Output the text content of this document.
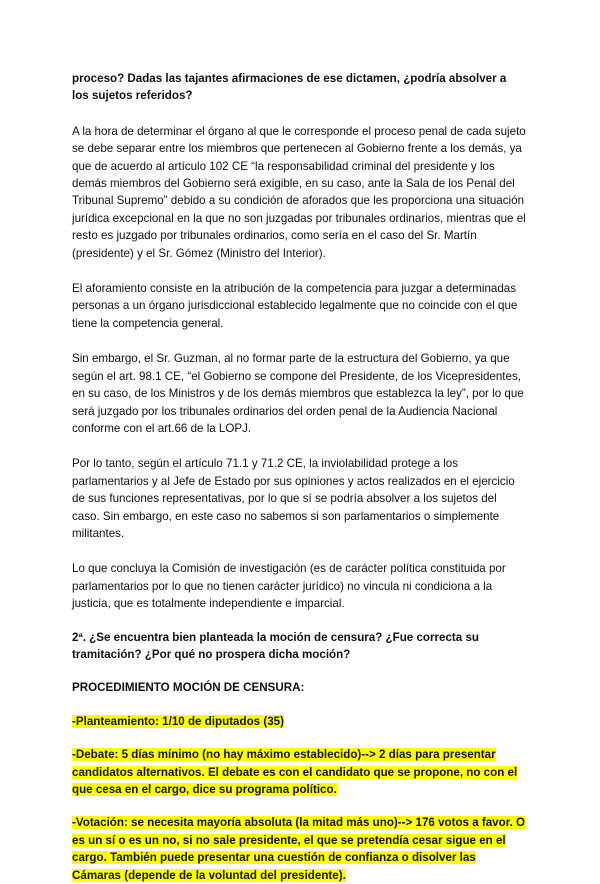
proceso? Dadas las tajantes afirmaciones de ese dictamen, ¿podría absolver a los sujetos referidos?

A la hora de determinar el órgano al que le corresponde el proceso penal de cada sujeto se debe separar entre los miembros que pertenecen al Gobierno frente a los demás, ya que de acuerdo al artículo 102 CE “la responsabilidad criminal del presidente y los demás miembros del Gobierno será exigible, en su caso, ante la Sala de los Penal del Tribunal Supremo” debido a su condición de aforados que les proporciona una situación jurídica excepcional en la que no son juzgadas por tribunales ordinarios, mientras que el resto es juzgado por tribunales ordinarios, como sería en el caso del Sr. Martín (presidente) y el Sr. Gómez (Ministro del Interior).

El aforamiento consiste en la atribución de la competencia para juzgar a determinadas personas a un órgano jurisdiccional establecido legalmente que no coincide con el que tiene la competencia general.

Sin embargo, el Sr. Guzman, al no formar parte de la estructura del Gobierno, ya que según el art. 98.1 CE, “el Gobierno se compone del Presidente, de los Vicepresidentes, en su caso, de los Ministros y de los demás miembros que establezca la ley”, por lo que será juzgado por los tribunales ordinarios del orden penal de la Audiencia Nacional conforme con el art.66 de la LOPJ.

Por lo tanto, según el artículo 71.1 y 71.2 CE, la inviolabilidad protege a los parlamentarios y al Jefe de Estado por sus opiniones y actos realizados en el ejercicio de sus funciones representativas, por lo que sí se podría absolver a los sujetos del caso. Sin embargo, en este caso no sabemos si son parlamentarios o simplemente militantes.

Lo que concluya la Comisión de investigación (es de carácter política constituida por parlamentarios por lo que no tienen carácter jurídico) no vincula ni condiciona a la justicia, que es totalmente independiente e imparcial.

2ª. ¿Se encuentra bien planteada la moción de censura? ¿Fue correcta su tramitación? ¿Por qué no prospera dicha moción?

PROCEDIMIENTO MOCIÓN DE CENSURA:

-Planteamiento: 1/10 de diputados (35)

-Debate: 5 días mínimo (no hay máximo establecido)--> 2 días para presentar candidatos alternativos. El debate es con el candidato que se propone, no con el que cesa en el cargo, dice su programa político.

-Votación: se necesita mayoría absoluta (la mitad más uno)--> 176 votos a favor. O es un sí o es un no, si no sale presidente, el que se pretendía cesar sigue en el cargo. También puede presentar una cuestión de confianza o disolver las Cámaras (depende de la voluntad del presidente).
